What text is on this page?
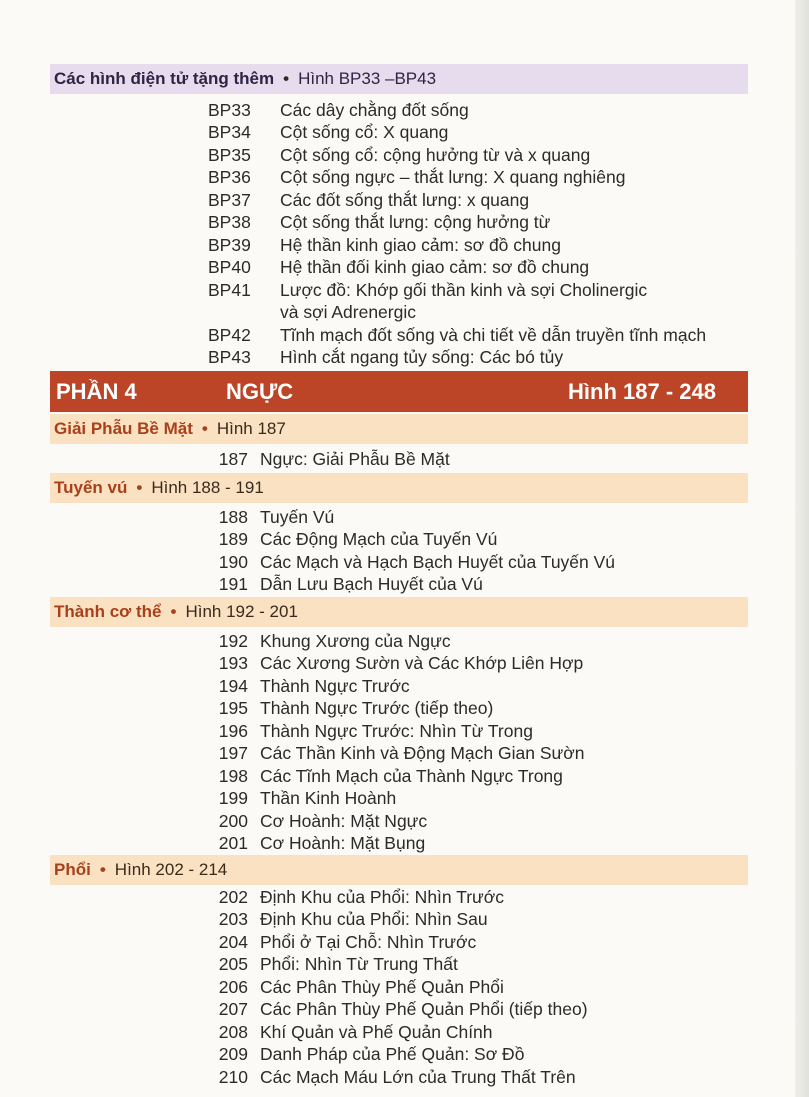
Các hình điện tử tặng thêm • Hình BP33 –BP43
BP33	Các dây chằng đốt sống
BP34	Cột sống cổ: X quang
BP35	Cột sống cổ: cộng hưởng từ và x quang
BP36	Cột sống ngực – thắt lưng: X quang nghiêng
BP37	Các đốt sống thắt lưng: x quang
BP38	Cột sống thắt lưng: cộng hưởng từ
BP39	Hệ thần kinh giao cảm: sơ đồ chung
BP40	Hệ thần đối kinh giao cảm: sơ đồ chung
BP41	Lược đồ: Khớp gối thần kinh và sợi Cholinergic
và sợi Adrenergic
BP42	Tĩnh mạch đốt sống và chi tiết về dẫn truyền tĩnh mạch
BP43	Hình cắt ngang tủy sống: Các bó tủy
PHẦN 4	NGỰC	Hình 187 - 248
Giải Phẫu Bề Mặt • Hình 187
187 Ngực: Giải Phẫu Bề Mặt
Tuyến vú • Hình 188 - 191
188 Tuyến Vú
189 Các Động Mạch của Tuyến Vú
190 Các Mạch và Hạch Bạch Huyết của Tuyến Vú
191 Dẫn Lưu Bạch Huyết của Vú
Thành cơ thể • Hình 192 - 201
192 Khung Xương của Ngực
193 Các Xương Sườn và Các Khớp Liên Hợp
194 Thành Ngực Trước
195 Thành Ngực Trước (tiếp theo)
196 Thành Ngực Trước: Nhìn Từ Trong
197 Các Thần Kinh và Động Mạch Gian Sườn
198 Các Tĩnh Mạch của Thành Ngực Trong
199 Thần Kinh Hoành
200 Cơ Hoành: Mặt Ngực
201 Cơ Hoành: Mặt Bụng
Phổi • Hình 202 - 214
202 Định Khu của Phổi: Nhìn Trước
203 Định Khu của Phổi: Nhìn Sau
204 Phổi ở Tại Chỗ: Nhìn Trước
205 Phổi: Nhìn Từ Trung Thất
206 Các Phân Thùy Phế Quản Phổi
207 Các Phân Thùy Phế Quản Phổi (tiếp theo)
208 Khí Quản và Phế Quản Chính
209 Danh Pháp của Phế Quản: Sơ Đồ
210 Các Mạch Máu Lớn của Trung Thất Trên
